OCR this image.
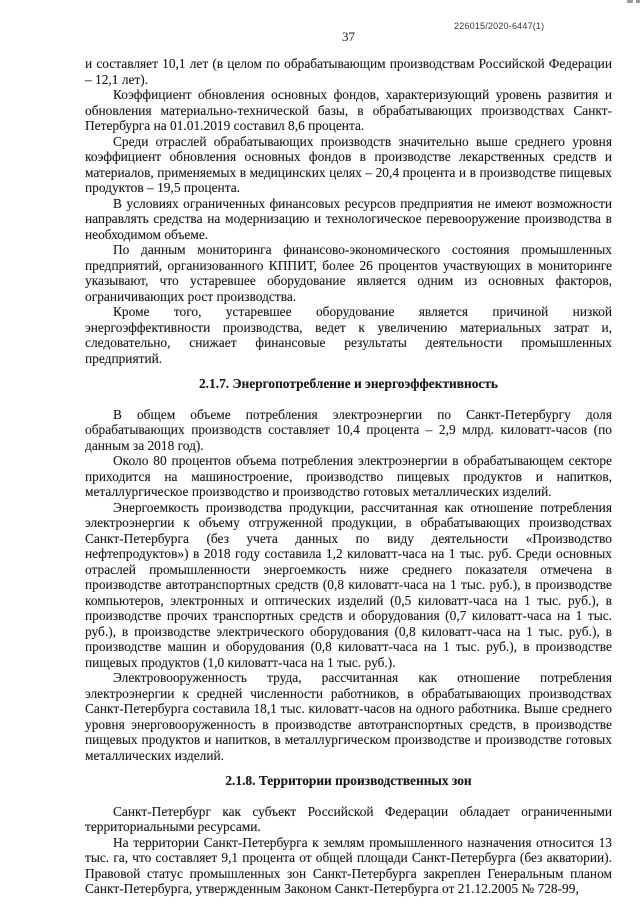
226015/2020-6447(1)
37

и составляет 10,1 лет (в целом по обрабатывающим производствам Российской Федерации – 12,1 лет).

Коэффициент обновления основных фондов, характеризующий уровень развития и обновления материально-технической базы, в обрабатывающих производствах Санкт-Петербурга на 01.01.2019 составил 8,6 процента.

Среди отраслей обрабатывающих производств значительно выше среднего уровня коэффициент обновления основных фондов в производстве лекарственных средств и материалов, применяемых в медицинских целях – 20,4 процента и в производстве пищевых продуктов – 19,5 процента.

В условиях ограниченных финансовых ресурсов предприятия не имеют возможности направлять средства на модернизацию и технологическое перевооружение производства в необходимом объеме.

По данным мониторинга финансово-экономического состояния промышленных предприятий, организованного КППИТ, более 26 процентов участвующих в мониторинге указывают, что устаревшее оборудование является одним из основных факторов, ограничивающих рост производства.

Кроме того, устаревшее оборудование является причиной низкой энергоэффективности производства, ведет к увеличению материальных затрат и, следовательно, снижает финансовые результаты деятельности промышленных предприятий.

2.1.7. Энергопотребление и энергоэффективность

В общем объеме потребления электроэнергии по Санкт-Петербургу доля обрабатывающих производств составляет 10,4 процента – 2,9 млрд. киловатт-часов (по данным за 2018 год).

Около 80 процентов объема потребления электроэнергии в обрабатывающем секторе приходится на машиностроение, производство пищевых продуктов и напитков, металлургическое производство и производство готовых металлических изделий.

Энергоемкость производства продукции, рассчитанная как отношение потребления электроэнергии к объему отгруженной продукции, в обрабатывающих производствах Санкт-Петербурга (без учета данных по виду деятельности «Производство нефтепродуктов») в 2018 году составила 1,2 киловатт-часа на 1 тыс. руб. Среди основных отраслей промышленности энергоемкость ниже среднего показателя отмечена в производстве автотранспортных средств (0,8 киловатт-часа на 1 тыс. руб.), в производстве компьютеров, электронных и оптических изделий (0,5 киловатт-часа на 1 тыс. руб.), в производстве прочих транспортных средств и оборудования (0,7 киловатт-часа на 1 тыс. руб.), в производстве электрического оборудования (0,8 киловатт-часа на 1 тыс. руб.), в производстве машин и оборудования (0,8 киловатт-часа на 1 тыс. руб.), в производстве пищевых продуктов (1,0 киловатт-часа на 1 тыс. руб.).

Электровооруженность труда, рассчитанная как отношение потребления электроэнергии к средней численности работников, в обрабатывающих производствах Санкт-Петербурга составила 18,1 тыс. киловатт-часов на одного работника. Выше среднего уровня энерговооруженность в производстве автотранспортных средств, в производстве пищевых продуктов и напитков, в металлургическом производстве и производстве готовых металлических изделий.

2.1.8. Территории производственных зон

Санкт-Петербург как субъект Российской Федерации обладает ограниченными территориальными ресурсами.

На территории Санкт-Петербурга к землям промышленного назначения относится 13 тыс. га, что составляет 9,1 процента от общей площади Санкт-Петербурга (без акватории). Правовой статус промышленных зон Санкт-Петербурга закреплен Генеральным планом Санкт-Петербурга, утвержденным Законом Санкт-Петербурга от 21.12.2005 № 728-99,
